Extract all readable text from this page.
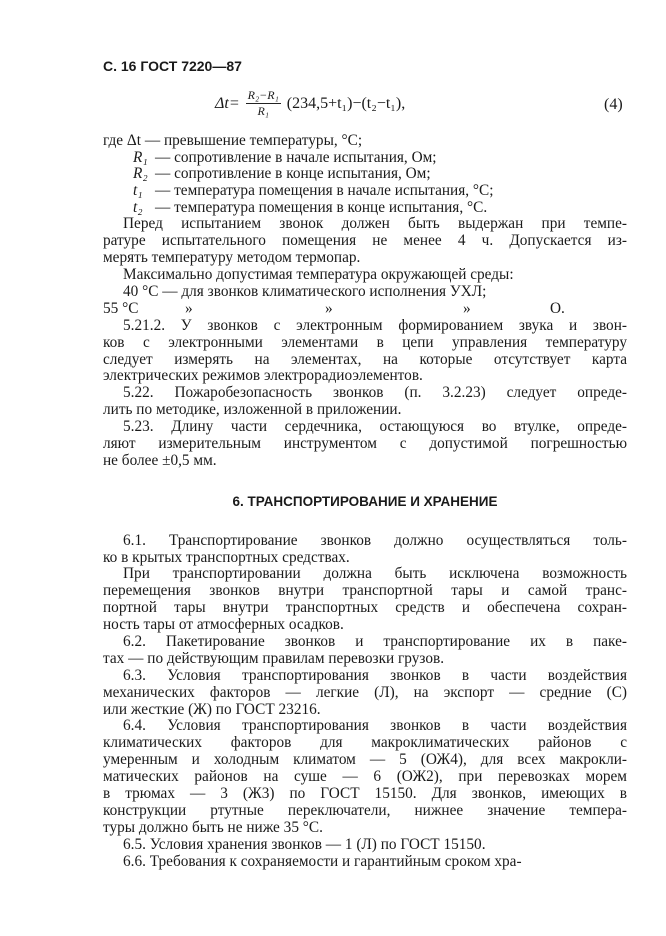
С. 16 ГОСТ 7220—87
$\Delta t= \frac{\text{R₂−R₁}}{\text{R₁}} (234,5+t_1)-(t_2-t_1)$,	(4)
где Δt — превышение температуры, °С;
R₁ — сопротивление в начале испытания, Ом;
R₂ — сопротивление в конце испытания, Ом;
t₁ — температура помещения в начале испытания, °С;
t₂ — температура помещения в конце испытания, °С.
Перед испытанием звонок должен быть выдержан при темпе-
ратуре испытательного помещения не менее 4 ч. Допускается из-
мерять температуру методом термопар.
Максимально допустимая температура окружающей среды:
40 °С — для звонков климатического исполнения УХЛ;
55 °С	»	»	»	О.
5.21.2. У звонков с электронным формированием звука и звон-
ков с электронными элементами в цепи управления температуру
следует измерять на элементах, на которые отсутствует карта
электрических режимов электрорадиоэлементов.
5.22. Пожаробезопасность звонков (п. 3.2.23) следует опреде-
лить по методике, изложенной в приложении.
5.23. Длину части сердечника, остающуюся во втулке, опреде-
ляют измерительным инструментом с допустимой погрешностью
не более ±0,5 мм.
6. ТРАНСПОРТИРОВАНИЕ И ХРАНЕНИЕ
6.1. Транспортирование звонков должно осуществляться толь-
ко в крытых транспортных средствах.
При транспортировании должна быть исключена возможность
перемещения звонков внутри транспортной тары и самой транс-
портной тары внутри транспортных средств и обеспечена сохран-
ность тары от атмосферных осадков.
6.2. Пакетирование звонков и транспортирование их в паке-
тах — по действующим правилам перевозки грузов.
6.3. Условия транспортирования звонков в части воздействия
механических факторов — легкие (Л), на экспорт — средние (С)
или жесткие (Ж) по ГОСТ 23216.
6.4. Условия транспортирования звонков в части воздействия
климатических факторов для макроклиматических районов с
умеренным и холодным климатом — 5 (ОЖ4), для всех макрокли-
матических районов на суше — 6 (ОЖ2), при перевозках морем
в трюмах — 3 (Ж3) по ГОСТ 15150. Для звонков, имеющих в
конструкции ртутные переключатели, нижнее значение темпера-
туры должно быть не ниже 35 °С.
6.5. Условия хранения звонков — 1 (Л) по ГОСТ 15150.
6.6. Требования к сохраняемости и гарантийным сроком хра-
